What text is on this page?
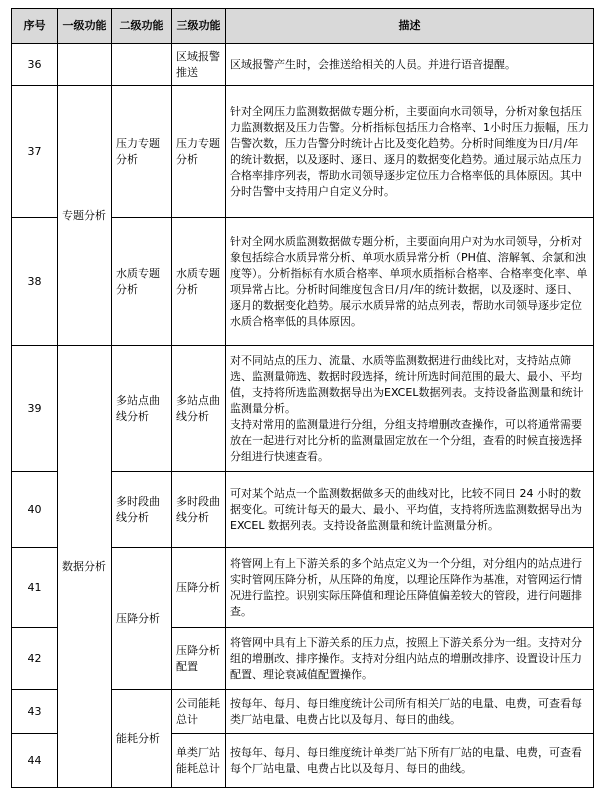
序号	一级功能	二级功能	三级功能	描述
36			区域报警推送	区域报警产生时，会推送给相关的人员。并进行语音提醒。
37	专题分析	压力专题分析	压力专题分析	针对全网压力监测数据做专题分析，主要面向水司领导，分析对象包括压力监测数据及压力告警。分析指标包括压力合格率、1小时压力振幅，压力告警次数，压力告警分时统计占比及变化趋势。分析时间维度为日/月/年的统计数据，以及逐时、逐日、逐月的数据变化趋势。通过展示站点压力合格率排序列表，帮助水司领导逐步定位压力合格率低的具体原因。其中分时告警中支持用户自定义分时。
38		水质专题分析	水质专题分析	针对全网水质监测数据做专题分析，主要面向用户对为水司领导，分析对象包括综合水质异常分析、单项水质异常分析（PH值、溶解氧、余氯和浊度等）。分析指标有水质合格率、单项水质指标合格率、合格率变化率、单项异常占比。分析时间维度包含日/月/年的统计数据，以及逐时、逐日、逐月的数据变化趋势。展示水质异常的站点列表，帮助水司领导逐步定位水质合格率低的具体原因。
39	数据分析	多站点曲线分析	多站点曲线分析	对不同站点的压力、流量、水质等监测数据进行曲线比对，支持站点筛选、监测量筛选、数据时段选择，统计所选时间范围的最大、最小、平均值，支持将所选监测数据导出为EXCEL数据列表。支持设备监测量和统计监测量分析。
支持对常用的监测量进行分组，分组支持增删改查操作，可以将通常需要放在一起进行对比分析的监测量固定放在一个分组，查看的时候直接选择分组进行快速查看。
40		多时段曲线分析	多时段曲线分析	可对某个站点一个监测数据做多天的曲线对比，比较不同日 24 小时的数据变化。可统计每天的最大、最小、平均值，支持将所选监测数据导出为 EXCEL 数据列表。支持设备监测量和统计监测量分析。
41		压降分析	压降分析	将管网上有上下游关系的多个站点定义为一个分组，对分组内的站点进行实时管网压降分析，从压降的角度，以理论压降作为基准，对管网运行情况进行监控。识别实际压降值和理论压降值偏差较大的管段，进行问题排查。
42			压降分析配置	将管网中具有上下游关系的压力点，按照上下游关系分为一组。支持对分组的增删改、排序操作。支持对分组内站点的增删改排序、设置设计压力配置、理论衰减值配置操作。
43		能耗分析	公司能耗总计	按每年、每月、每日维度统计公司所有相关厂站的电量、电费，可查看每类厂站电量、电费占比以及每月、每日的曲线。
44			单类厂站能耗总计	按每年、每月、每日维度统计单类厂站下所有厂站的电量、电费，可查看每个厂站电量、电费占比以及每月、每日的曲线。
